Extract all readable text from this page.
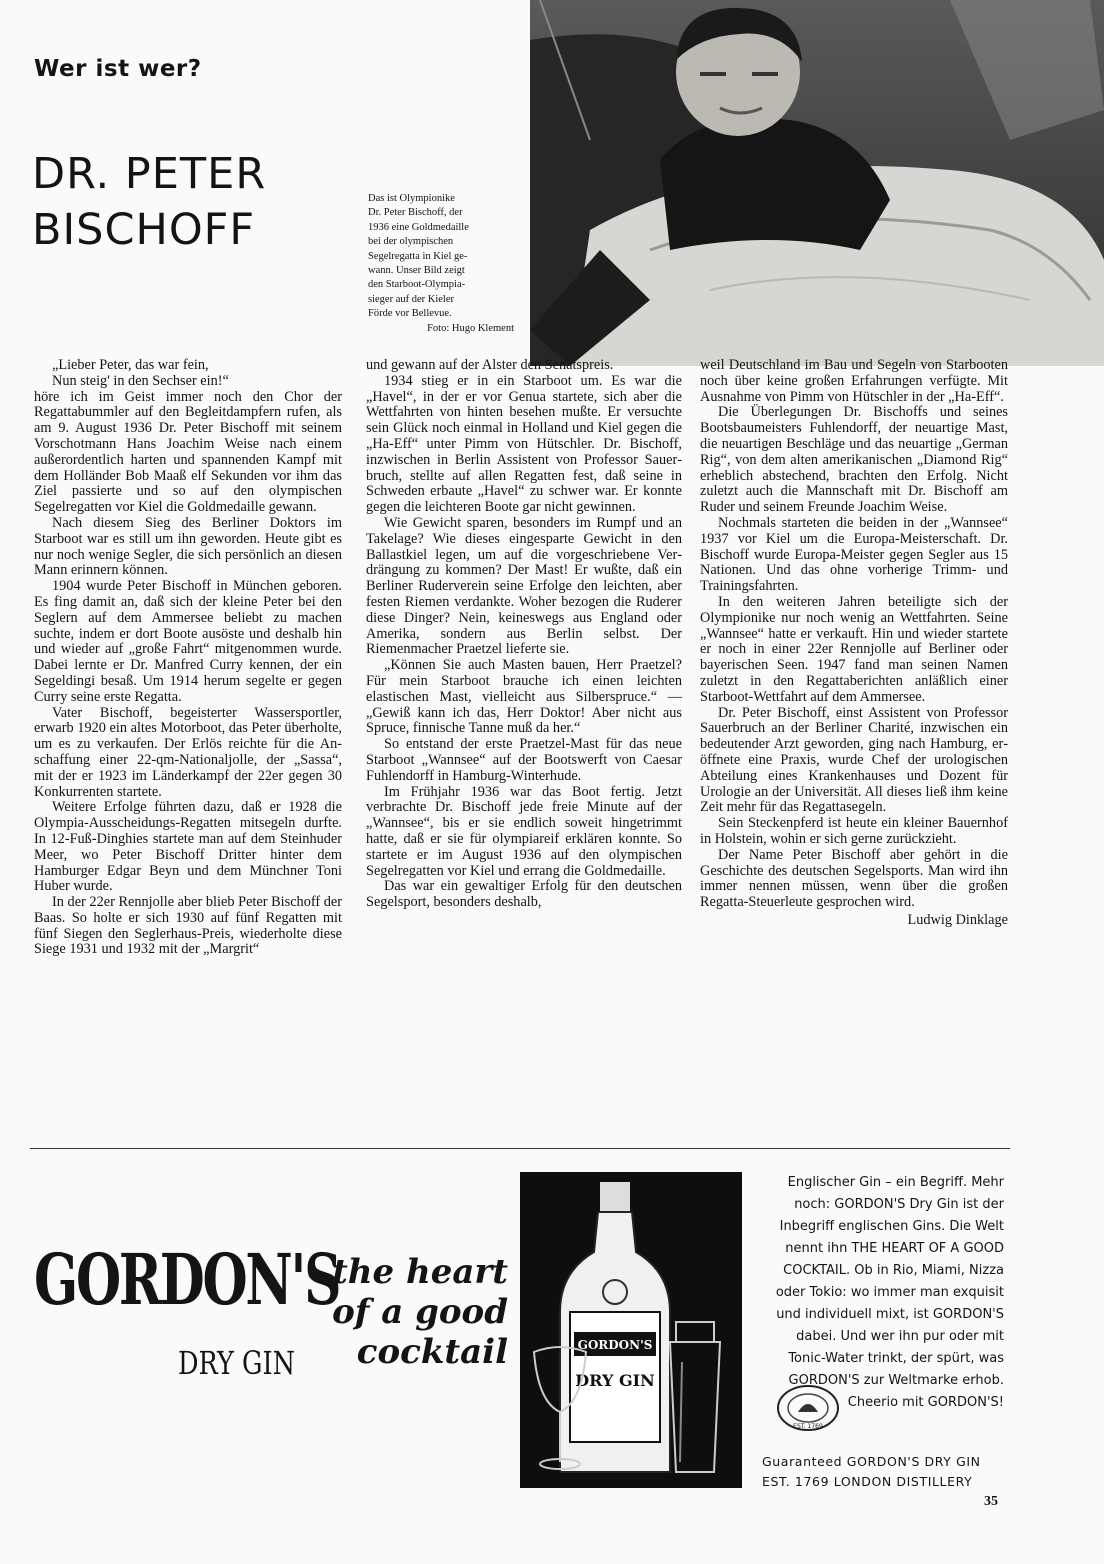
Wer ist wer?
DR. PETER
BISCHOFF
Das ist Olympionike
Dr. Peter Bischoff, der
1936 eine Goldmedaille
bei der olympischen
Segelregatta in Kiel ge-
wann. Unser Bild zeigt
den Starboot-Olympia-
sieger auf der Kieler
Förde vor Bellevue.
Foto: Hugo Klement
„Lieber Peter, das war fein,
Nun steig' in den Sechser ein!“

höre ich im Geist immer noch den Chor der Regattabummler auf den Begleitdampfern rufen, als am 9. August 1936 Dr. Peter Bischoff mit seinem Vorschotmann Hans Joachim Weise nach einem außerordentlich harten und spannenden Kampf mit dem Holländer Bob Maaß elf Sekunden vor ihm das Ziel passierte und so auf den olympischen Segelregatten vor Kiel die Goldmedaille gewann.

Nach diesem Sieg des Berliner Doktors im Starboot war es still um ihn geworden. Heute gibt es nur noch wenige Segler, die sich persönlich an diesen Mann erinnern können.

1904 wurde Peter Bischoff in München geboren. Es fing damit an, daß sich der kleine Peter bei den Seglern auf dem Ammersee beliebt zu machen suchte, indem er dort Boote ausöste und deshalb hin und wieder auf „große Fahrt“ mitgenommen wurde. Dabei lernte er Dr. Manfred Curry kennen, der ein Segeldingi besaß. Um 1914 herum segelte er gegen Curry seine erste Regatta.

Vater Bischoff, begeisterter Wassersportler, erwarb 1920 ein altes Motorboot, das Peter überholte, um es zu verkaufen. Der Erlös reichte für die Anschaffung einer 22-qm-Nationaljolle, der „Sassa“, mit der er 1923 im Länderkampf der 22er gegen 30 Konkurrenten startete.

Weitere Erfolge führten dazu, daß er 1928 die Olympia-Ausscheidungs-Regatten mitsegeln durfte. In 12-Fuß-Dinghies startete man auf dem Steinhuder Meer, wo Peter Bischoff Dritter hinter dem Hamburger Edgar Beyn und dem Münchner Toni Huber wurde.

In der 22er Rennjolle aber blieb Peter Bischoff der Baas. So holte er sich 1930 auf fünf Regatten mit fünf Siegen den Seglerhaus-Preis, wiederholte diese Siege 1931 und 1932 mit der „Margrit“

und gewann auf der Alster den Senatspreis.

1934 stieg er in ein Starboot um. Es war die „Havel“, in der er vor Genua startete, sich aber die Wettfahrten von hinten besehen mußte. Er versuchte sein Glück noch einmal in Holland und Kiel gegen die „Ha-Eff“ unter Pimm von Hütschler. Dr. Bischoff, inzwischen in Berlin Assistent von Professor Sauerbruch, stellte auf allen Regatten fest, daß seine in Schweden erbaute „Havel“ zu schwer war. Er konnte gegen die leichteren Boote gar nicht gewinnen.

Wie Gewicht sparen, besonders im Rumpf und an Takelage? Wie dieses eingesparte Gewicht in den Ballastkiel legen, um auf die vorgeschriebene Verdrängung zu kommen? Der Mast! Er wußte, daß ein Berliner Ruderverein seine Erfolge den leichten, aber festen Riemen verdankte. Woher bezogen die Ruderer diese Dinger? Nein, keineswegs aus England oder Amerika, sondern aus Berlin selbst. Der Riemenmacher Praetzel lieferte sie.

„Können Sie auch Masten bauen, Herr Praetzel? Für mein Starboot brauche ich einen leichten elastischen Mast, vielleicht aus Silberspruce.“ — „Gewiß kann ich das, Herr Doktor! Aber nicht aus Spruce, finnische Tanne muß da her.“

So entstand der erste Praetzel-Mast für das neue Starboot „Wannsee“ auf der Bootswerft von Caesar Fuhlendorff in Hamburg-Winterhude.

Im Frühjahr 1936 war das Boot fertig. Jetzt verbrachte Dr. Bischoff jede freie Minute auf der „Wannsee“, bis er sie endlich soweit hingetrimmt hatte, daß er sie für olympiareif erklären konnte. So startete er im August 1936 auf den olympischen Segelregatten vor Kiel und errang die Goldmedaille.

Das war ein gewaltiger Erfolg für den deutschen Segelsport, besonders deshalb,

weil Deutschland im Bau und Segeln von Starbooten noch über keine großen Erfahrungen verfügte. Mit Ausnahme von Pimm von Hütschler in der „Ha-Eff“.

Die Überlegungen Dr. Bischoffs und seines Bootsbaumeisters Fuhlendorff, der neuartige Mast, die neuartigen Beschläge und das neuartige „German Rig“, von dem alten amerikanischen „Diamond Rig“ erheblich abstechend, brachten den Erfolg. Nicht zuletzt auch die Mannschaft mit Dr. Bischoff am Ruder und seinem Freunde Joachim Weise.

Nochmals starteten die beiden in der „Wannsee“ 1937 vor Kiel um die Europa-Meisterschaft. Dr. Bischoff wurde Europa-Meister gegen Segler aus 15 Nationen. Und das ohne vorherige Trimm- und Trainingsfahrten.

In den weiteren Jahren beteiligte sich der Olympionike nur noch wenig an Wettfahrten. Seine „Wannsee“ hatte er verkauft. Hin und wieder startete er noch in einer 22er Rennjolle auf Berliner oder bayerischen Seen. 1947 fand man seinen Namen zuletzt in den Regattaberichten anläßlich einer Starboot-Wettfahrt auf dem Ammersee.

Dr. Peter Bischoff, einst Assistent von Professor Sauerbruch an der Berliner Charité, inzwischen ein bedeutender Arzt geworden, ging nach Hamburg, eröffnete eine Praxis, wurde Chef der urologischen Abteilung eines Krankenhauses und Dozent für Urologie an der Universität. All dieses ließ ihm keine Zeit mehr für das Regattasegeln.

Sein Steckenpferd ist heute ein kleiner Bauernhof in Holstein, wohin er sich gerne zurückzieht.

Der Name Peter Bischoff aber gehört in die Geschichte des deutschen Segelsports. Man wird ihn immer nennen müssen, wenn über die großen Regatta-Steuerleute gesprochen wird.

Ludwig Dinklage

GORDON'S
DRY GIN
the heart
of a good
cocktail	GORDON'S
DRY GIN
Englischer Gin – ein Begriff. Mehr
noch: GORDON'S Dry Gin ist der
Inbegriff englischen Gins. Die Welt
nennt ihn THE HEART OF A GOOD
COCKTAIL. Ob in Rio, Miami, Nizza
oder Tokio: wo immer man exquisit
und individuell mixt, ist GORDON'S
dabei. Und wer ihn pur oder mit
Tonic-Water trinkt, der spürt, was
GORDON'S zur Weltmarke erhob.
Cheerio mit GORDON'S!
EST. 1769
Guaranteed GORDON'S DRY GIN
EST. 1769 LONDON DISTILLERY
35
